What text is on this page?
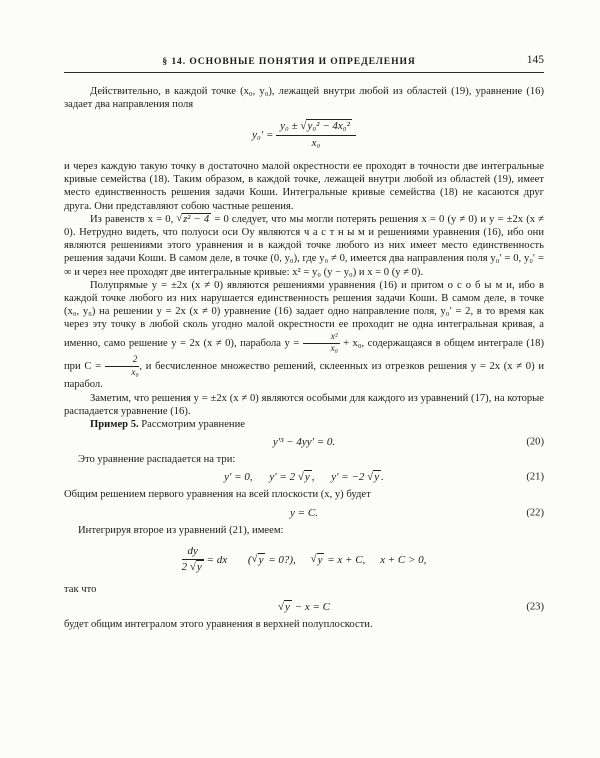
§ 14. ОСНОВНЫЕ ПОНЯТИЯ И ОПРЕДЕЛЕНИЯ	145

Действительно, в каждой точке (x₀, y₀), лежащей внутри любой из областей (19), уравнение (16) задает два направления поля

$y_0' = \frac{\text{y₀ ± √y₀² − 4x₀²}}{\text{x₀}}$

и через каждую такую точку в достаточно малой окрестности ее проходят в точности две интегральные кривые семейства (18). Таким образом, в каждой точке, лежащей внутри любой из областей (19), имеет место единственность решения задачи Коши. Интегральные кривые семейства (18) не касаются друг друга. Они представляют собою частные решения.

Из равенств x = 0, √z² − 4 = 0 следует, что мы могли потерять решения x = 0 (y ≠ 0) и y = ±2x (x ≠ 0). Нетрудно видеть, что полуоси оси Oy являются ч а с т н ы м и решениями уравнения (16), ибо они являются решениями этого уравнения и в каждой точке любого из них имеет место единственность решения задачи Коши. В самом деле, в точке (0, y₀), где y₀ ≠ 0, имеется два направления поля y₀′ = 0, y₀′ = ∞ и через нее проходят две интегральные кривые: x² = y₀ (y − y₀) и x = 0 (y ≠ 0).

Полупрямые y = ±2x (x ≠ 0) являются решениями уравнения (16) и притом о с о б ы м и, ибо в каждой точке любого из них нарушается единственность решения задачи Коши. В самом деле, в точке (x₀, y₀) на решении y = 2x (x ≠ 0) уравнение (16) задает одно направление поля, y₀′ = 2, в то время как через эту точку в любой сколь угодно малой окрестности ее проходит не одна интегральная кривая, а именно, само решение y = 2x (x ≠ 0), парабола $y = \frac{\text{x²}}{\text{x₀}} + x_0$, содержащаяся в общем интеграле (18) при $C = \frac{2}{\text{x₀}}$ , и бесчисленное множество решений, склеенных из отрезков решения y = 2x (x ≠ 0) и парабол.

Заметим, что решения y = ±2x (x ≠ 0) являются особыми для каждого из уравнений (17), на которые распадается уравнение (16).

Пример 5. Рассмотрим уравнение

y′³ − 4yy′ = 0.	(20)

Это уравнение распадается на три:

y′ = 0, y′ = 2 √y , y′ = −2 √y .	(21)

Общим решением первого уравнения на всей плоскости (x, y) будет

y = C.	(22)

Интегрируя второе из уравнений (21), имеем:

$\frac{dy}{2 √y}$ = dx (√y = 0?), √y = x + C, x + C > 0,

так что

√y − x = C	(23)

будет общим интегралом этого уравнения в верхней полуплоскости.
